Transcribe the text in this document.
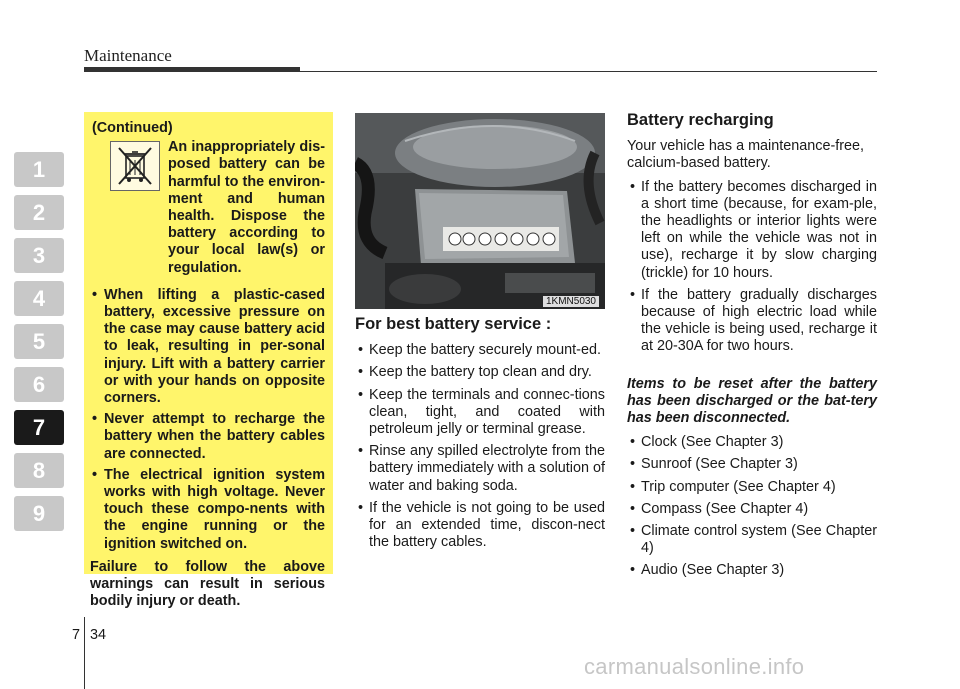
Maintenance
1
2
3
4
5
6
7
8
9
(Continued)
An inappropriately dis-posed battery can be harmful to the environ-ment and human health. Dispose the battery according to your local law(s) or regulation.
• When lifting a plastic-cased battery, excessive pressure on the case may cause battery acid to leak, resulting in per-sonal injury. Lift with a battery carrier or with your hands on opposite corners.
• Never attempt to recharge the battery when the battery cables are connected.
• The electrical ignition system works with high voltage. Never touch these compo-nents with the engine running or the ignition switched on.
Failure to follow the above warnings can result in serious bodily injury or death.
1KMN5030
For best battery service :
• Keep the battery securely mount-ed.
• Keep the battery top clean and dry.
• Keep the terminals and connec-tions clean, tight, and coated with petroleum jelly or terminal grease.
• Rinse any spilled electrolyte from the battery immediately with a solution of water and baking soda.
• If the vehicle is not going to be used for an extended time, discon-nect the battery cables.
Battery recharging

Your vehicle has a maintenance-free, calcium-based battery.

• If the battery becomes discharged in a short time (because, for exam-ple, the headlights or interior lights were left on while the vehicle was not in use), recharge it by slow charging (trickle) for 10 hours.
• If the battery gradually discharges because of high electric load while the vehicle is being used, recharge it at 20-30A for two hours.
Items to be reset after the battery has been discharged or the bat-tery has been disconnected.
• Clock (See Chapter 3)
• Sunroof (See Chapter 3)
• Trip computer (See Chapter 4)
• Compass (See Chapter 4)
• Climate control system (See Chapter 4)
• Audio (See Chapter 3)
7 34
carmanualsonline.info
